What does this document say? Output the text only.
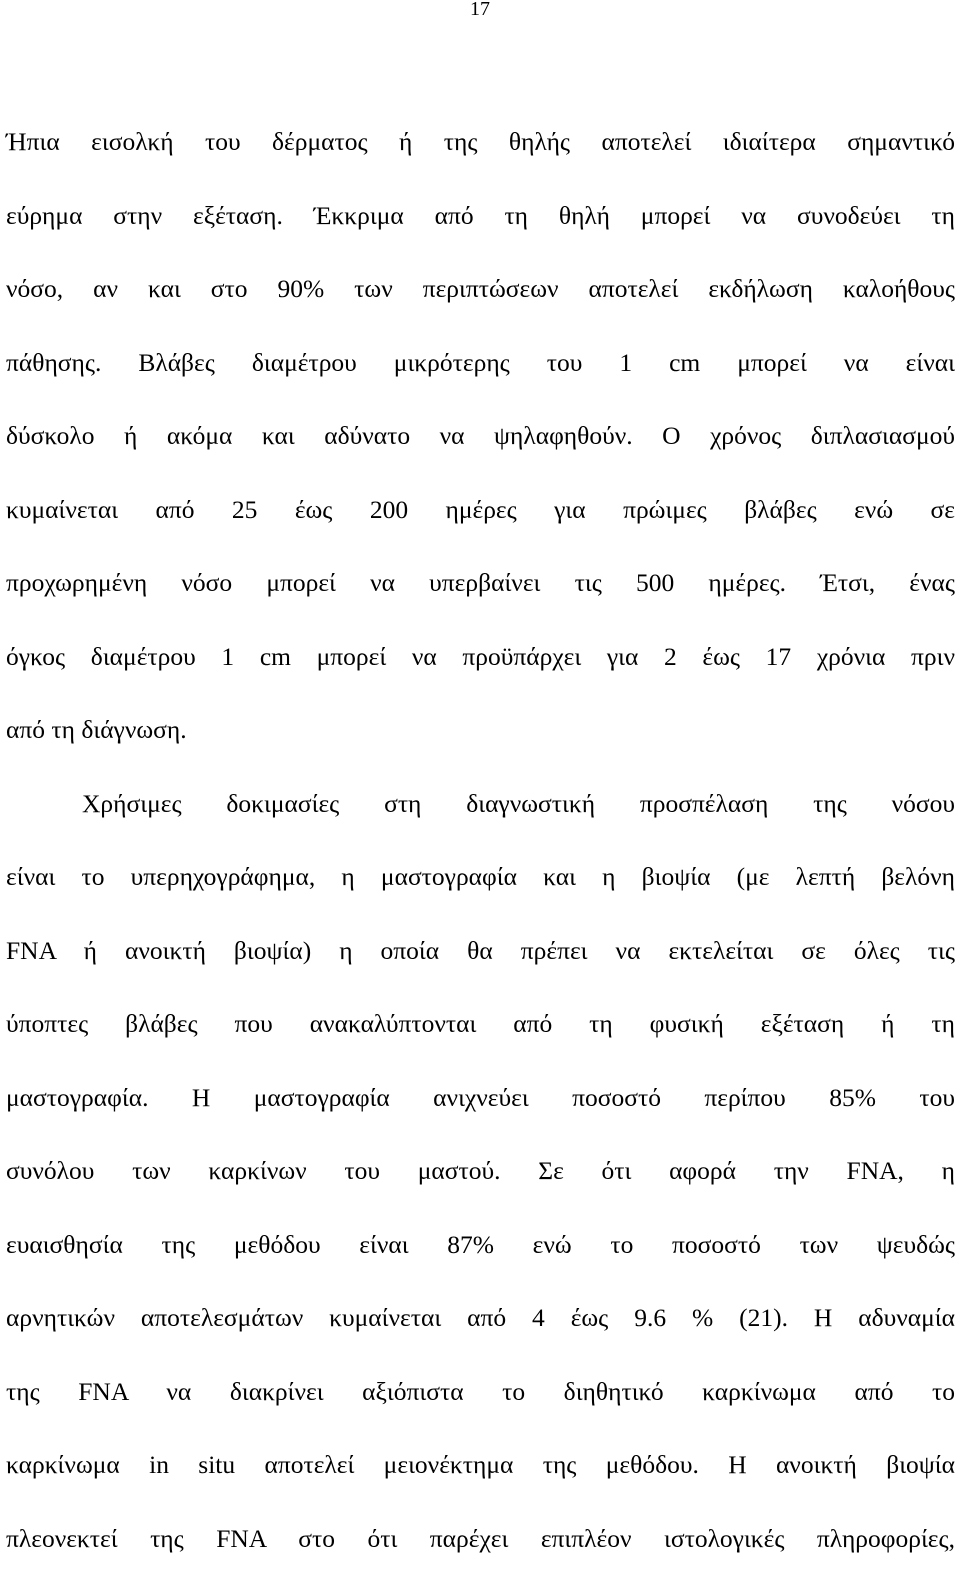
17
Ήπια εισολκή του δέρματος ή της θηλής αποτελεί ιδιαίτερα σημαντικό
εύρημα στην εξέταση. Έκκριμα από τη θηλή μπορεί να συνοδεύει τη
νόσο, αν και στο 90% των περιπτώσεων αποτελεί εκδήλωση καλοήθους
πάθησης. Βλάβες διαμέτρου μικρότερης του 1 cm μπορεί να είναι
δύσκολο ή ακόμα και αδύνατο να ψηλαφηθούν. Ο χρόνος διπλασιασμού
κυμαίνεται από 25 έως 200 ημέρες για πρώιμες βλάβες ενώ σε
προχωρημένη νόσο μπορεί να υπερβαίνει τις 500 ημέρες. Έτσι, ένας
όγκος διαμέτρου 1 cm μπορεί να προϋπάρχει για 2 έως 17 χρόνια πριν
από τη διάγνωση.
Χρήσιμες δοκιμασίες στη διαγνωστική προσπέλαση της νόσου
είναι το υπερηχογράφημα, η μαστογραφία και η βιοψία (με λεπτή βελόνη
FNA ή ανοικτή βιοψία) η οποία θα πρέπει να εκτελείται σε όλες τις
ύποπτες βλάβες που ανακαλύπτονται από τη φυσική εξέταση ή τη
μαστογραφία. Η μαστογραφία ανιχνεύει ποσοστό περίπου 85% του
συνόλου των καρκίνων του μαστού. Σε ότι αφορά την FNA, η
ευαισθησία της μεθόδου είναι 87% ενώ το ποσοστό των ψευδώς
αρνητικών αποτελεσμάτων κυμαίνεται από 4 έως 9.6 % (21). Η αδυναμία
της FNA να διακρίνει αξιόπιστα το διηθητικό καρκίνωμα από το
καρκίνωμα in situ αποτελεί μειονέκτημα της μεθόδου. Η ανοικτή βιοψία
πλεονεκτεί της FNA στο ότι παρέχει επιπλέον ιστολογικές πληροφορίες,
